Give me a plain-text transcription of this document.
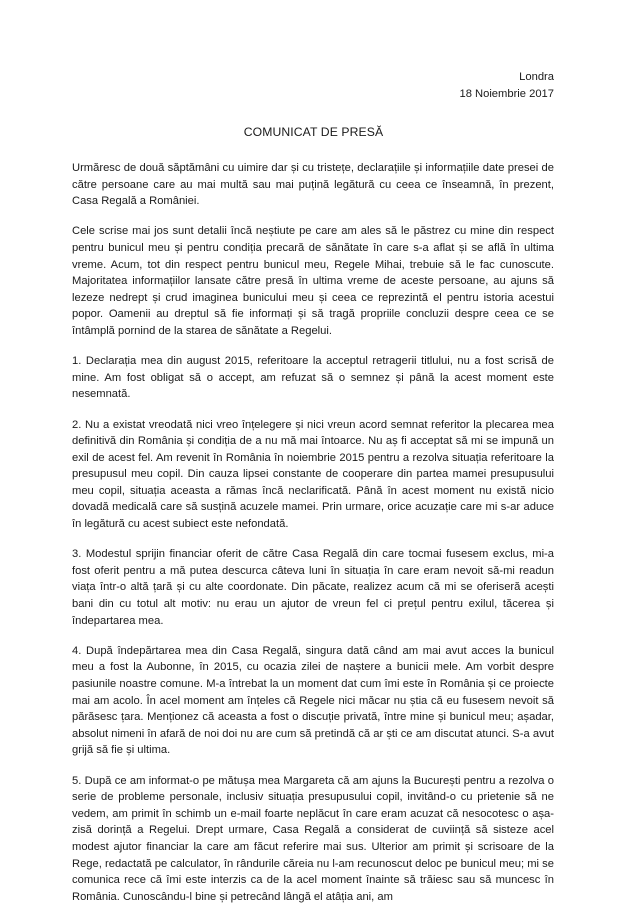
Londra
18 Noiembrie 2017
COMUNICAT DE PRESĂ

Urmăresc de două săptămâni cu uimire dar și cu tristețe, declarațiile și informațiile date presei de către persoane care au mai multă sau mai puțină legătură cu ceea ce înseamnă, în prezent, Casa Regală a României.

Cele scrise mai jos sunt detalii încă neștiute pe care am ales să le păstrez cu mine din respect pentru bunicul meu și pentru condiția precară de sănătate în care s-a aflat și se află în ultima vreme. Acum, tot din respect pentru bunicul meu, Regele Mihai, trebuie să le fac cunoscute. Majoritatea informațiilor lansate către presă în ultima vreme de aceste persoane, au ajuns să lezeze nedrept și crud imaginea bunicului meu și ceea ce reprezintă el pentru istoria acestui popor. Oamenii au dreptul să fie informați și să tragă propriile concluzii despre ceea ce se întâmplă pornind de la starea de sănătate a Regelui.

1. Declarația mea din august 2015, referitoare la acceptul retragerii titlului, nu a fost scrisă de mine. Am fost obligat să o accept, am refuzat să o semnez și până la acest moment este nesemnată.

2. Nu a existat vreodată nici vreo înțelegere și nici vreun acord semnat referitor la plecarea mea definitivă din România și condiția de a nu mă mai întoarce. Nu aș fi acceptat să mi se impună un exil de acest fel. Am revenit în România în noiembrie 2015 pentru a rezolva situația referitoare la presupusul meu copil. Din cauza lipsei constante de cooperare din partea mamei presupusului meu copil, situația aceasta a rămas încă neclarificată. Până în acest moment nu există nicio dovadă medicală care să susțină acuzele mamei. Prin urmare, orice acuzație care mi s-ar aduce în legătură cu acest subiect este nefondată.

3. Modestul sprijin financiar oferit de către Casa Regală din care tocmai fusesem exclus, mi-a fost oferit pentru a mă putea descurca câteva luni în situația în care eram nevoit să-mi readun viața într-o altă țară și cu alte coordonate. Din păcate, realizez acum că mi se oferiseră acești bani din cu totul alt motiv: nu erau un ajutor de vreun fel ci prețul pentru exilul, tăcerea și îndepartarea mea.

4. După îndepărtarea mea din Casa Regală, singura dată când am mai avut acces la bunicul meu a fost la Aubonne, în 2015, cu ocazia zilei de naștere a bunicii mele. Am vorbit despre pasiunile noastre comune. M-a întrebat la un moment dat cum îmi este în România și ce proiecte mai am acolo. În acel moment am înțeles că Regele nici măcar nu știa că eu fusesem nevoit să părăsesc țara. Menționez că aceasta a fost o discuție privată, între mine și bunicul meu; așadar, absolut nimeni în afară de noi doi nu are cum să pretindă că ar ști ce am discutat atunci. S-a avut grijă să fie și ultima.

5. După ce am informat-o pe mătușa mea Margareta că am ajuns la București pentru a rezolva o serie de probleme personale, inclusiv situația presupusului copil, invitând-o cu prietenie să ne vedem, am primit în schimb un e-mail foarte neplăcut în care eram acuzat că nesocotesc o așa-zisă dorință a Regelui. Drept urmare, Casa Regală a considerat de cuviință să sisteze acel modest ajutor financiar la care am făcut referire mai sus. Ulterior am primit și scrisoare de la Rege, redactată pe calculator, în rândurile căreia nu l-am recunoscut deloc pe bunicul meu; mi se comunica rece că îmi este interzis ca de la acel moment înainte să trăiesc sau să muncesc în România. Cunoscându-l bine și petrecând lângă el atâția ani, am
